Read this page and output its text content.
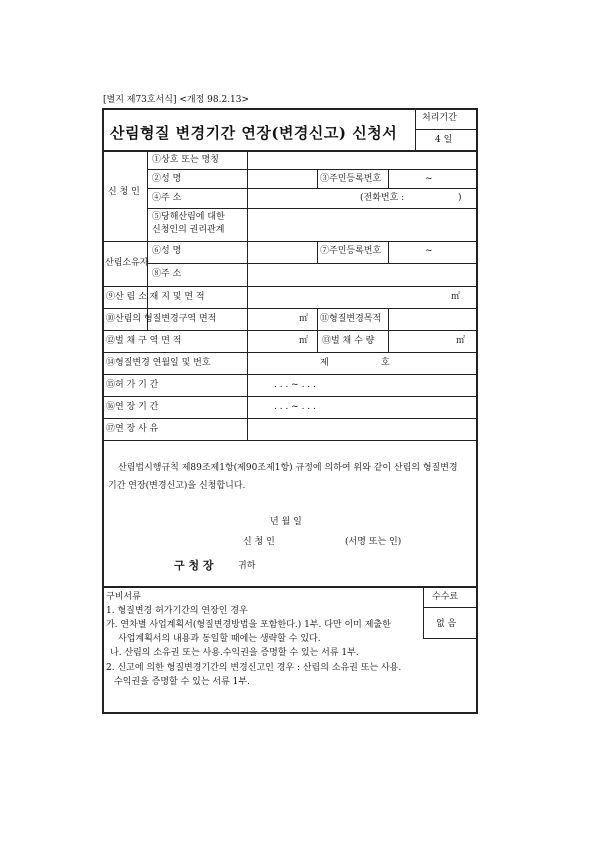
[별지 제73호서식] <개정 98.2.13>
산림형질 변경기간 연장(변경신고) 신청서
처리기간
4 일
신 청 인
①상호 또는 명칭
②성 명	③주민등록번호	~
④주 소	(전화번호 :	)
⑤당해산림에 대한
신청인의 권리관계
산림소유자
⑥성 명	⑦주민등록번호	~
⑧주 소
⑨산 림 소 재 지 및 면 적	㎡
⑩산림의 형질변경구역 면적	㎡ ⑪형질변경목적
⑫벌 채 구 역 면 적	㎡ ⑬벌 채 수 량	㎡
⑭형질변경 연월일 및 번호	제	호
⑮허 가 기 간	. . . ~ . . .
⑯연 장 기 간	. . . ~ . . .
⑰연 장 사 유
산림법시행규칙 제89조제1항(제90조제1항) 규정에 의하여 위와 같이 산림의 형질변경
기간 연장(변경신고)을 신청합니다.
년 월 일
신 청 인	(서명 또는 인)
구 청 장	귀하
수수료
없 음
구비서류
1. 형질변경 허가기간의 연장인 경우
가. 연차별 사업계획서(형질변경방법을 포함한다.) 1부. 다만 이미 제출한
사업계획서의 내용과 동일할 때에는 생략할 수 있다.
나. 산림의 소유권 또는 사용.수익권을 증명할 수 있는 서류 1부.
2. 신고에 의한 형질변경기간의 변경신고인 경우 : 산림의 소유권 또는 사용.
수익권을 증명할 수 있는 서류 1부.
